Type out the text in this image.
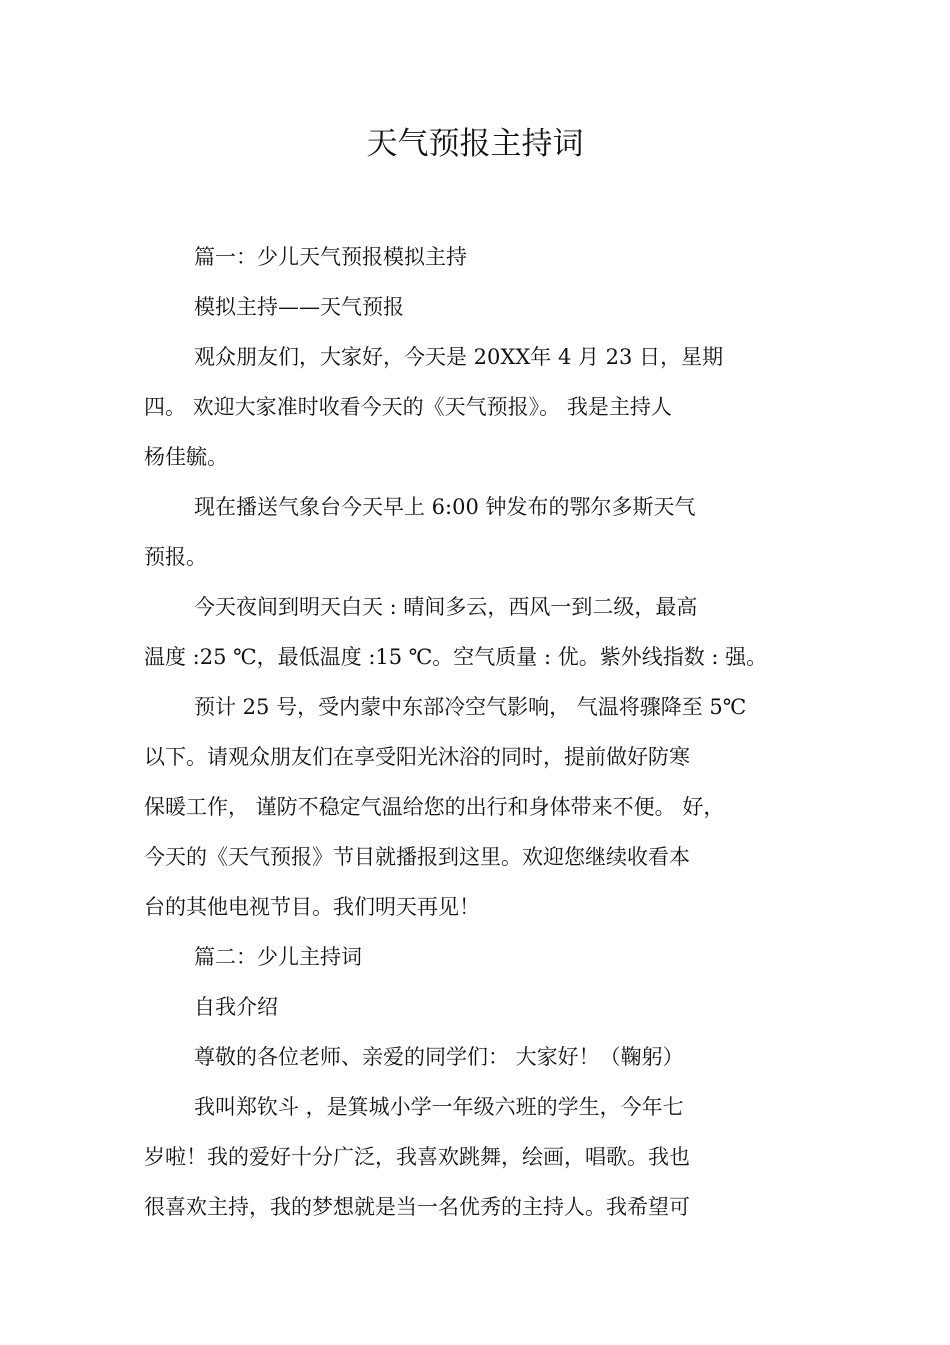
天气预报主持词
篇一：少儿天气预报模拟主持
模拟主持——天气预报
观众朋友们，大家好，今天是 20XX年 4 月 23 日，星期
四。 欢迎大家准时收看今天的《天气预报》。 我是主持人
杨佳毓。
现在播送气象台今天早上 6:00 钟发布的鄂尔多斯天气
预报。
今天夜间到明天白天 : 晴间多云，西风一到二级，最高
温度 :25 ℃，最低温度 :15 ℃。空气质量 : 优。紫外线指数 : 强。
预计 25 号，受内蒙中东部冷空气影响， 气温将骤降至 5℃
以下。请观众朋友们在享受阳光沐浴的同时，提前做好防寒
保暖工作， 谨防不稳定气温给您的出行和身体带来不便。 好，
今天的《天气预报》节目就播报到这里。欢迎您继续收看本
台的其他电视节目。我们明天再见！
篇二：少儿主持词
自我介绍
尊敬的各位老师、亲爱的同学们： 大家好！（鞠躬）
我叫郑钦斗 ，是箕城小学一年级六班的学生，今年七
岁啦！我的爱好十分广泛，我喜欢跳舞，绘画，唱歌。我也
很喜欢主持，我的梦想就是当一名优秀的主持人。我希望可
